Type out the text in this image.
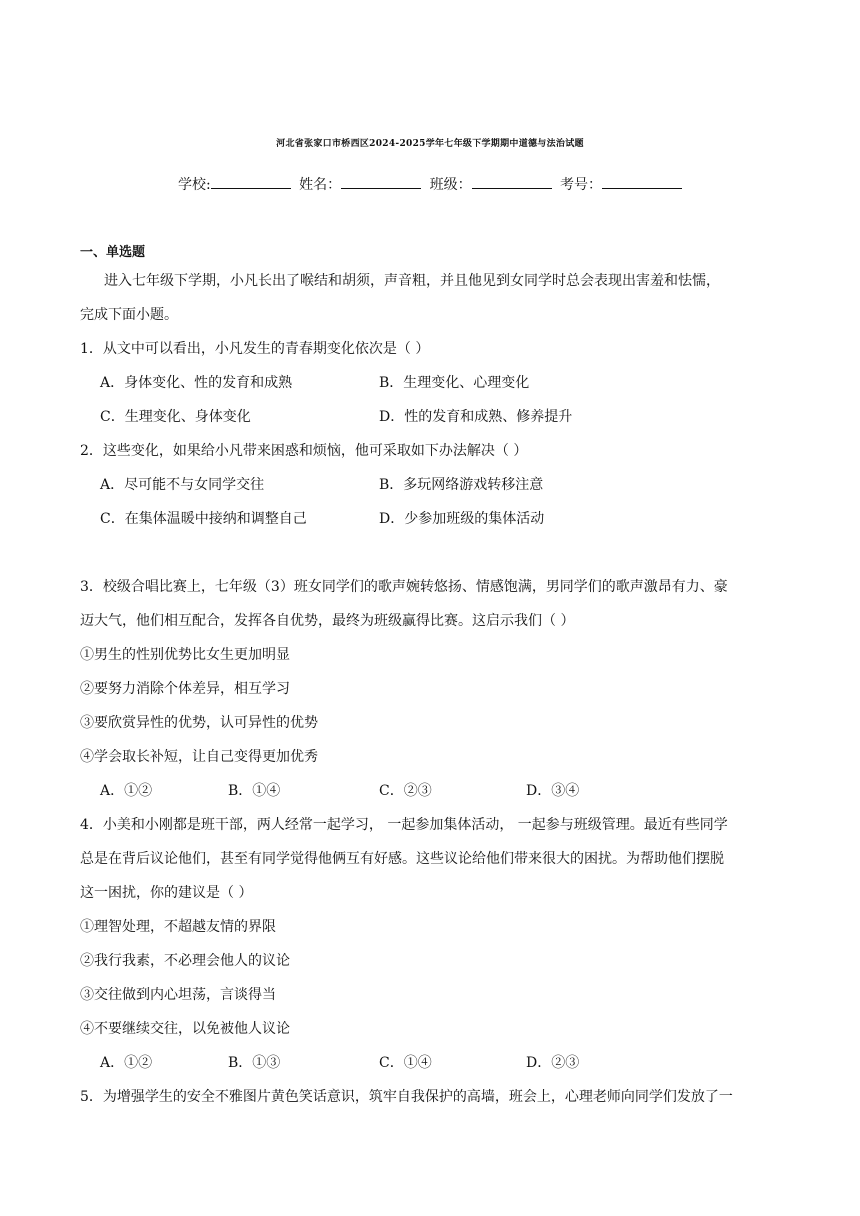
河北省张家口市桥西区2024-2025学年七年级下学期期中道德与法治试题
学校:	姓名：	班级：	考号：
一、单选题
进入七年级下学期，小凡长出了喉结和胡须，声音粗，并且他见到女同学时总会表现出害羞和怯懦，
完成下面小题。
1．从文中可以看出，小凡发生的青春期变化依次是（ ）
A．身体变化、性的发育和成熟	B．生理变化、心理变化
C．生理变化、身体变化	D．性的发育和成熟、修养提升
2．这些变化，如果给小凡带来困惑和烦恼，他可采取如下办法解决（ ）
A．尽可能不与女同学交往	B．多玩网络游戏转移注意
C．在集体温暖中接纳和调整自己	D．少参加班级的集体活动
3．校级合唱比赛上，七年级（3）班女同学们的歌声婉转悠扬、情感饱满，男同学们的歌声激昂有力、豪
迈大气，他们相互配合，发挥各自优势，最终为班级赢得比赛。这启示我们（ ）
①男生的性别优势比女生更加明显
②要努力消除个体差异，相互学习
③要欣赏异性的优势，认可异性的优势
④学会取长补短，让自己变得更加优秀
A．①②	B．①④	C．②③	D．③④
4．小美和小刚都是班干部，两人经常一起学习， 一起参加集体活动， 一起参与班级管理。最近有些同学
总是在背后议论他们，甚至有同学觉得他俩互有好感。这些议论给他们带来很大的困扰。为帮助他们摆脱
这一困扰，你的建议是（ ）
①理智处理，不超越友情的界限
②我行我素，不必理会他人的议论
③交往做到内心坦荡，言谈得当
④不要继续交往，以免被他人议论
A．①②	B．①③	C．①④	D．②③
5．为增强学生的安全不雅图片黄色笑话意识，筑牢自我保护的高墙，班会上，心理老师向同学们发放了一
